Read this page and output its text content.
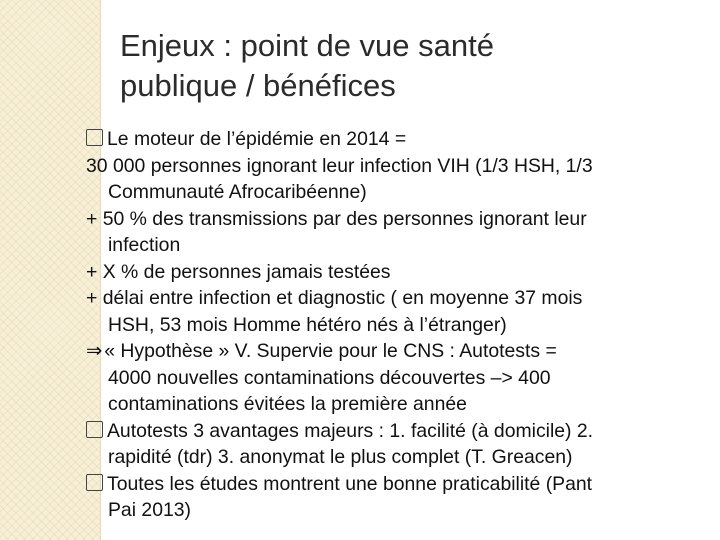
Enjeux : point de vue santé
publique / bénéfices
Le moteur de l’épidémie en 2014 =
30 000 personnes ignorant leur infection VIH (1/3 HSH, 1/3
Communauté Afrocaribéenne)
+ 50 % des transmissions par des personnes ignorant leur
infection
+ X % de personnes jamais testées
+ délai entre infection et diagnostic ( en moyenne 37 mois
HSH, 53 mois Homme hétéro nés à l’étranger)
⇒ « Hypothèse » V. Supervie pour le CNS : Autotests =
4000 nouvelles contaminations découvertes –> 400
contaminations évitées la première année
Autotests 3 avantages majeurs : 1. facilité (à domicile) 2.
rapidité (tdr) 3. anonymat le plus complet (T. Greacen)
Toutes les études montrent une bonne praticabilité (Pant
Pai 2013)
